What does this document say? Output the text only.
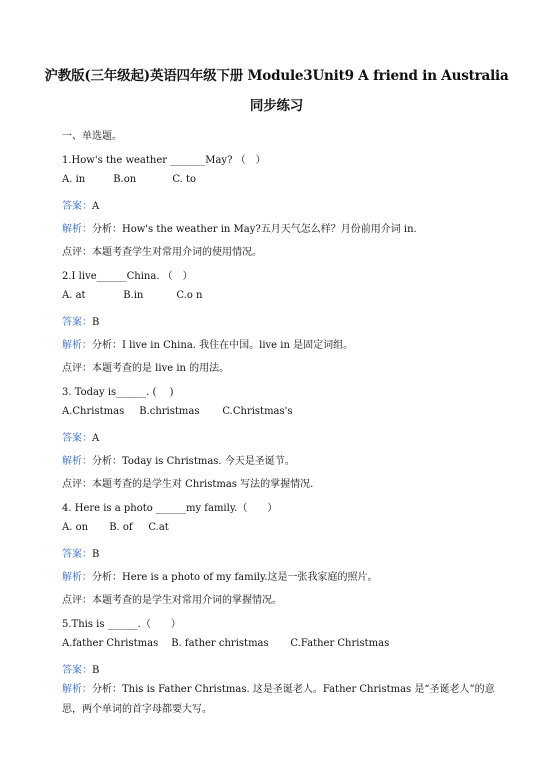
沪教版(三年级起)英语四年级下册 Module3Unit9 A friend in Australia
同步练习
一、单选题。
1.How's the weather _______May? （　）
A. in	B.on	C. to
答案：A
解析：分析：How's the weather in May?五月天气怎么样？月份前用介词 in.
点评：本题考查学生对常用介词的使用情况。
2.I live______China. （　）
A. at	B.in	C.o n
答案：B
解析：分析：I live in China. 我住在中国。live in 是固定词组。
点评：本题考查的是 live in 的用法。
3. Today is______. (　 )
A.Christmas B.christmas C.Christmas's
答案：A
解析：分析：Today is Christmas. 今天是圣诞节。
点评：本题考查的是学生对 Christmas 写法的掌握情况.
4. Here is a photo ______my family.（　　）
A. on B. of C.at
答案：B
解析：分析：Here is a photo of my family.这是一张我家庭的照片。
点评：本题考查的是学生对常用介词的掌握情况。
5.This is ______.（　　）
A.father Christmas B. father christmas C.Father Christmas
答案：B
解析：分析：This is Father Christmas. 这是圣诞老人。Father Christmas 是“圣诞老人”的意思，两个单词的首字母都要大写。
